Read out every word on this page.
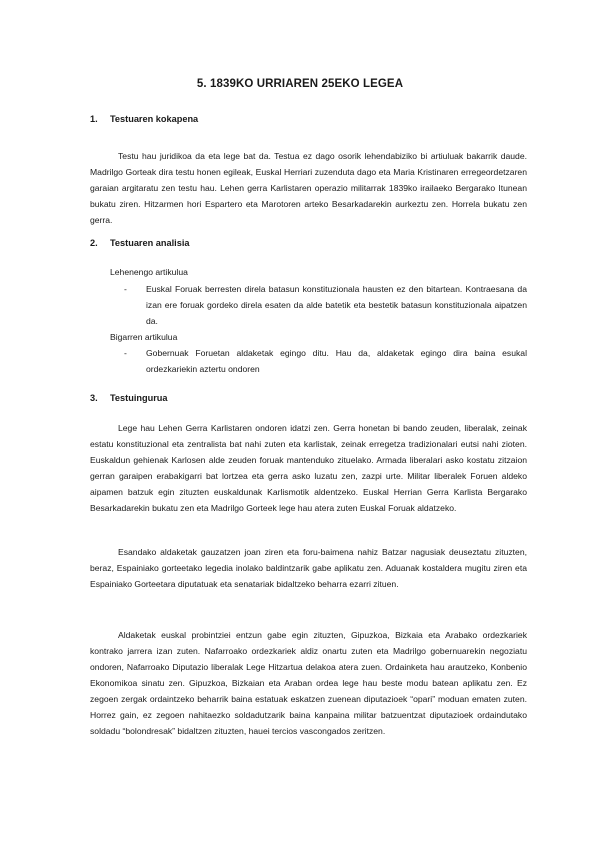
5. 1839KO URRIAREN 25EKO LEGEA
1. Testuaren kokapena

Testu hau juridikoa da eta lege bat da. Testua ez dago osorik lehendabiziko bi artiuluak bakarrik daude. Madrilgo Gorteak dira testu honen egileak, Euskal Herriari zuzenduta dago eta Maria Kristinaren erregeordetzaren garaian argitaratu zen testu hau. Lehen gerra Karlistaren operazio militarrak 1839ko irailaeko Bergarako Itunean bukatu ziren. Hitzarmen hori Espartero eta Marotoren arteko Besarkadarekin aurkeztu zen. Horrela bukatu zen gerra.

2. Testuaren analisia
Lehenengo artikulua
- Euskal Foruak berresten direla batasun konstituzionala hausten ez den bitartean. Kontraesana da izan ere foruak gordeko direla esaten da alde batetik eta bestetik batasun konstituzionala aipatzen da.
Bigarren artikulua
- Gobernuak Foruetan aldaketak egingo ditu. Hau da, aldaketak egingo dira baina esukal ordezkariekin aztertu ondoren
3. Testuingurua

Lege hau Lehen Gerra Karlistaren ondoren idatzi zen. Gerra honetan bi bando zeuden, liberalak, zeinak estatu konstituzional eta zentralista bat nahi zuten eta karlistak, zeinak erregetza tradizionalari eutsi nahi zioten. Euskaldun gehienak Karlosen alde zeuden foruak mantenduko zituelako. Armada liberalari asko kostatu zitzaion gerran garaipen erabakigarri bat lortzea eta gerra asko luzatu zen, zazpi urte. Militar liberalek Foruen aldeko aipamen batzuk egin zituzten euskaldunak Karlismotik aldentzeko. Euskal Herrian Gerra Karlista Bergarako Besarkadarekin bukatu zen eta Madrilgo Gorteek lege hau atera zuten Euskal Foruak aldatzeko.

Esandako aldaketak gauzatzen joan ziren eta foru-baimena nahiz Batzar nagusiak deuseztatu zituzten, beraz, Espainiako gorteetako legedia inolako baldintzarik gabe aplikatu zen. Aduanak kostaldera mugitu ziren eta Espainiako Gorteetara diputatuak eta senatariak bidaltzeko beharra ezarri zituen.

Aldaketak euskal probintziei entzun gabe egin zituzten, Gipuzkoa, Bizkaia eta Arabako ordezkariek kontrako jarrera izan zuten. Nafarroako ordezkariek aldiz onartu zuten eta Madrilgo gobernuarekin negoziatu ondoren, Nafarroako Diputazio liberalak Lege Hitzartua delakoa atera zuen. Ordainketa hau arautzeko, Konbenio Ekonomikoa sinatu zen. Gipuzkoa, Bizkaian eta Araban ordea lege hau beste modu batean aplikatu zen. Ez zegoen zergak ordaintzeko beharrik baina estatuak eskatzen zuenean diputazioek “opari” moduan ematen zuten. Horrez gain, ez zegoen nahitaezko soldadutzarik baina kanpaina militar batzuentzat diputazioek ordaindutako soldadu “bolondresak” bidaltzen zituzten, hauei tercios vascongados zeritzen.
